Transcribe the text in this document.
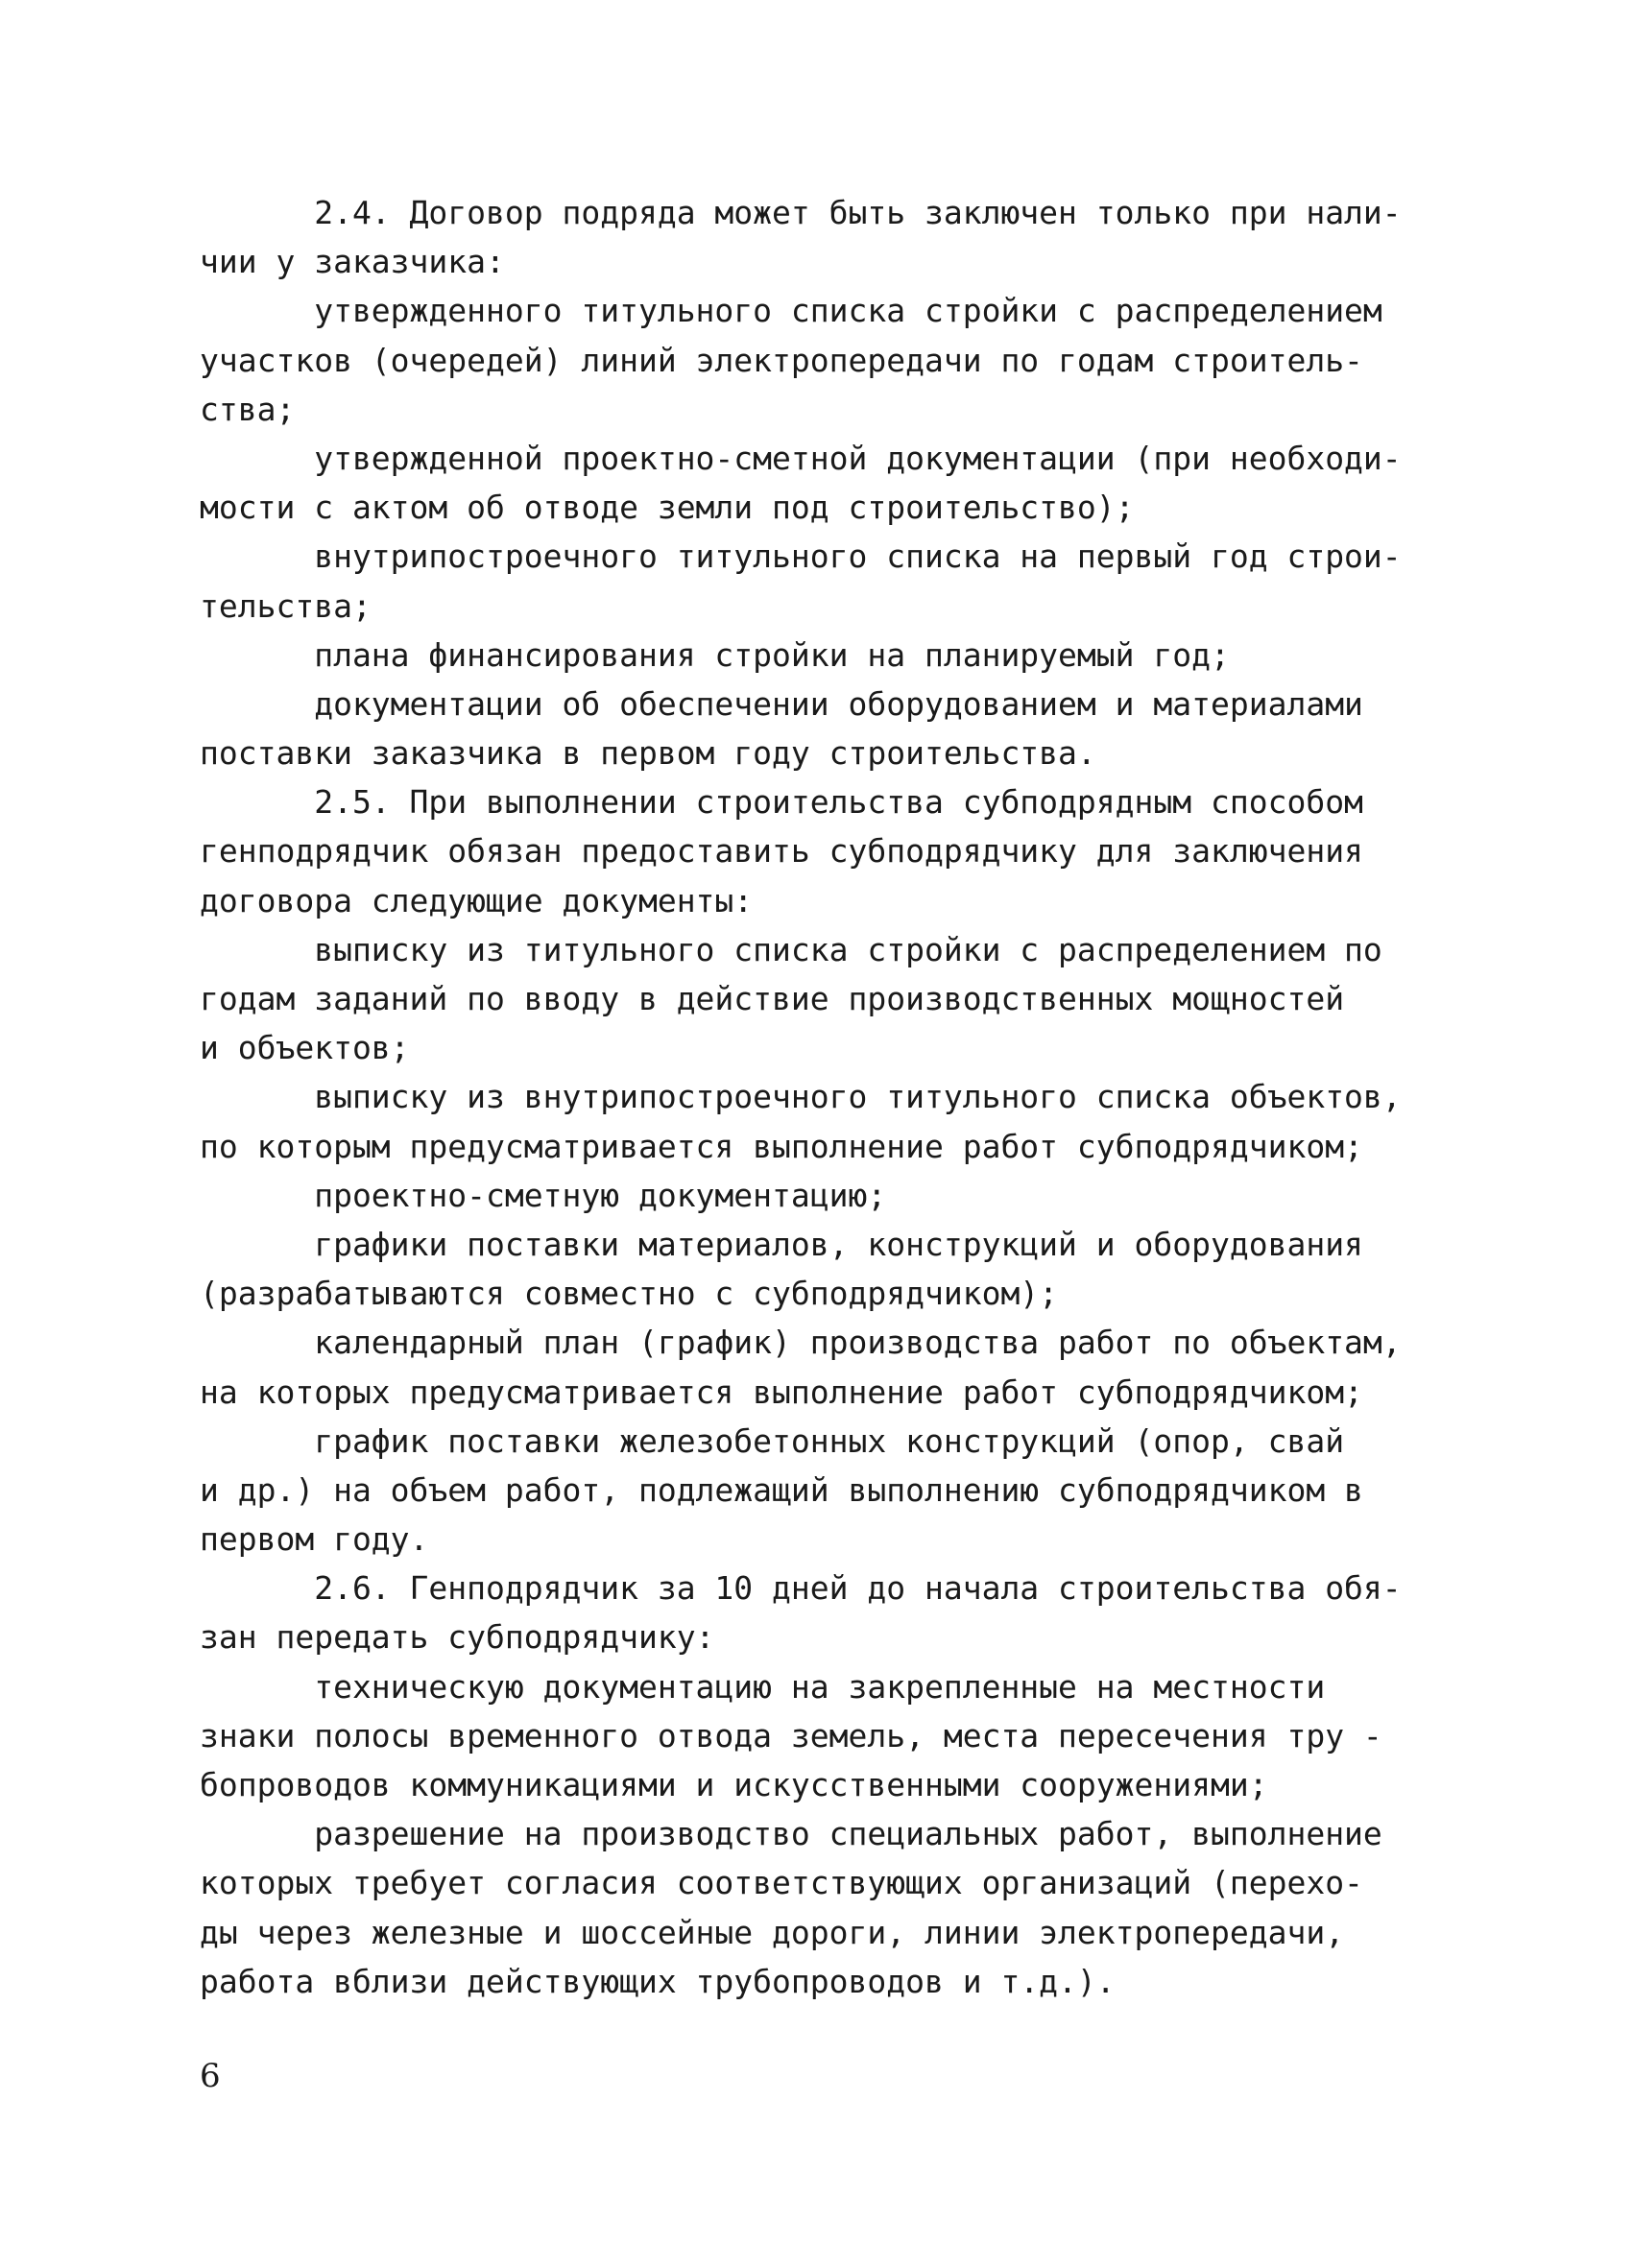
2.4. Договор подряда может быть заключен только при нали-
чии у заказчика:
утвержденного титульного списка стройки с распределением
участков (очередей) линий электропередачи по годам строитель-
ства;
утвержденной проектно-сметной документации (при необходи-
мости с актом об отводе земли под строительство);
внутрипостроечного титульного списка на первый год строи-
тельства;
плана финансирования стройки на планируемый год;
документации об обеспечении оборудованием и материалами
поставки заказчика в первом году строительства.
2.5. При выполнении строительства субподрядным способом
генподрядчик обязан предоставить субподрядчику для заключения
договора следующие документы:
выписку из титульного списка стройки с распределением по
годам заданий по вводу в действие производственных мощностей
и объектов;
выписку из внутрипостроечного титульного списка объектов,
по которым предусматривается выполнение работ субподрядчиком;
проектно-сметную документацию;
графики поставки материалов, конструкций и оборудования
(разрабатываются совместно с субподрядчиком);
календарный план (график) производства работ по объектам,
на которых предусматривается выполнение работ субподрядчиком;
график поставки железобетонных конструкций (опор, свай
и др.) на объем работ, подлежащий выполнению субподрядчиком в
первом году.
2.6. Генподрядчик за 10 дней до начала строительства обя-
зан передать субподрядчику:
техническую документацию на закрепленные на местности
знаки полосы временного отвода земель, места пересечения тру -
бопроводов коммуникациями и искусственными сооружениями;
разрешение на производство специальных работ, выполнение
которых требует согласия соответствующих организаций (перехо-
ды через железные и шоссейные дороги, линии электропередачи,
работа вблизи действующих трубопроводов и т.д.).
6
